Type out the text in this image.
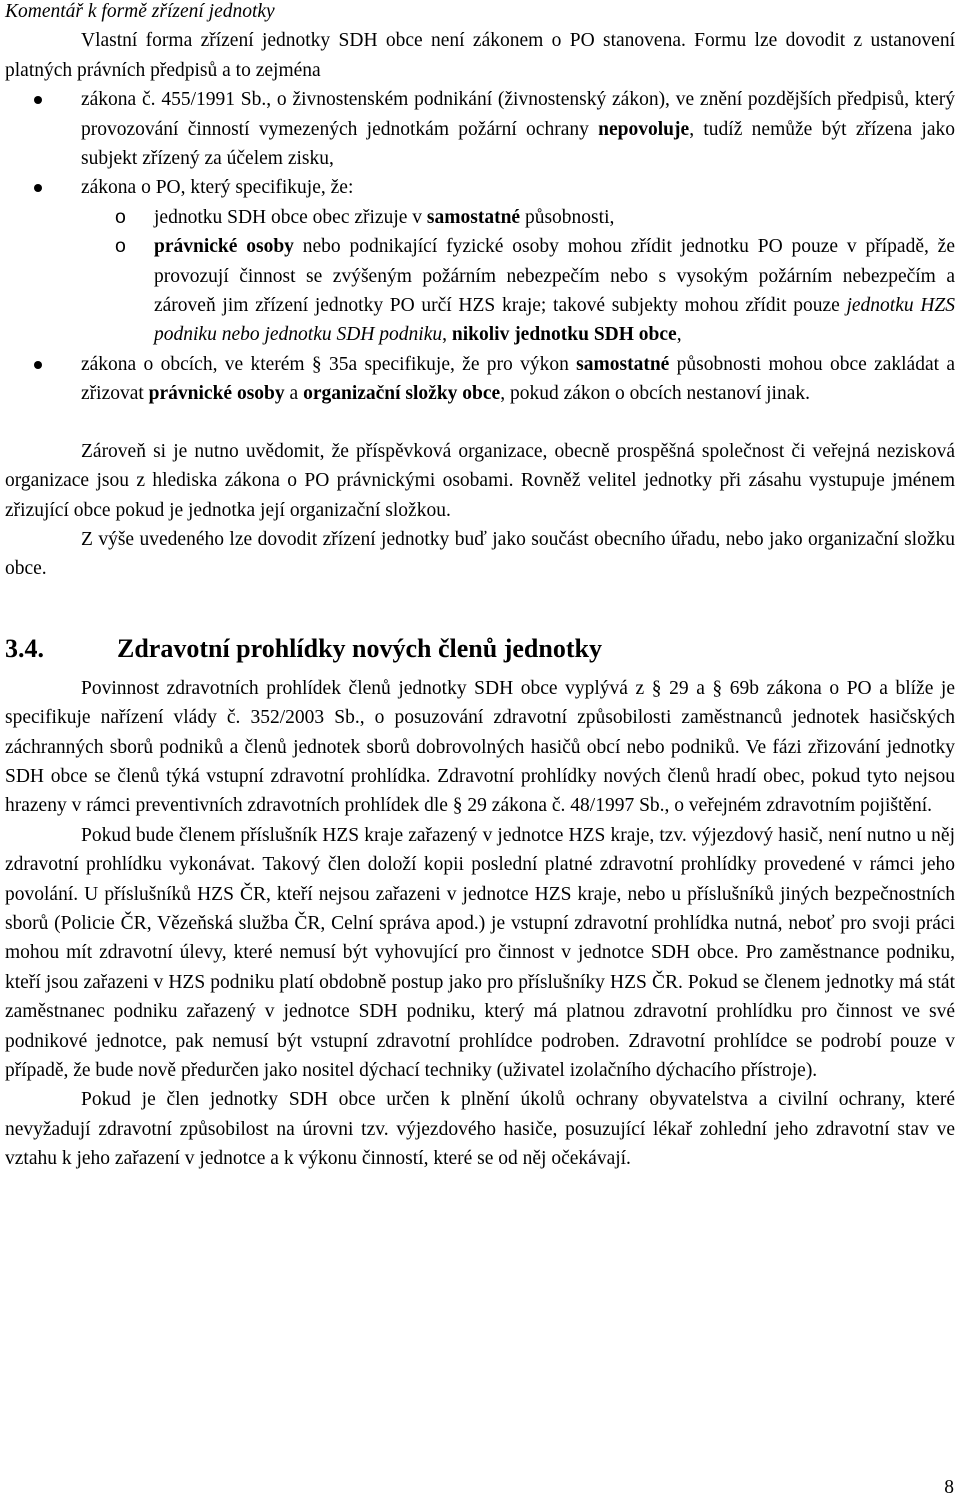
Komentář k formě zřízení jednotky

Vlastní forma zřízení jednotky SDH obce není zákonem o PO stanovena. Formu lze dovodit z ustanovení platných právních předpisů a to zejména

zákona č. 455/1991 Sb., o živnostenském podnikání (živnostenský zákon), ve znění pozdějších předpisů, který provozování činností vymezených jednotkám požární ochrany nepovoluje, tudíž nemůže být zřízena jako subjekt zřízený za účelem zisku,
zákona o PO, který specifikuje, že:
o jednotku SDH obce obec zřizuje v samostatné působnosti,
o právnické osoby nebo podnikající fyzické osoby mohou zřídit jednotku PO pouze v případě, že provozují činnost se zvýšeným požárním nebezpečím nebo s vysokým požárním nebezpečím a zároveň jim zřízení jednotky PO určí HZS kraje; takové subjekty mohou zřídit pouze jednotku HZS podniku nebo jednotku SDH podniku, nikoliv jednotku SDH obce,
zákona o obcích, ve kterém § 35a specifikuje, že pro výkon samostatné působnosti mohou obce zakládat a zřizovat právnické osoby a organizační složky obce, pokud zákon o obcích nestanoví jinak.

Zároveň si je nutno uvědomit, že příspěvková organizace, obecně prospěšná společnost či veřejná nezisková organizace jsou z hlediska zákona o PO právnickými osobami. Rovněž velitel jednotky při zásahu vystupuje jménem zřizující obce pokud je jednotka její organizační složkou.

Z výše uvedeného lze dovodit zřízení jednotky buď jako součást obecního úřadu, nebo jako organizační složku obce.

3.4.	Zdravotní prohlídky nových členů jednotky

Povinnost zdravotních prohlídek členů jednotky SDH obce vyplývá z § 29 a § 69b zákona o PO a blíže je specifikuje nařízení vlády č. 352/2003 Sb., o posuzování zdravotní způsobilosti zaměstnanců jednotek hasičských záchranných sborů podniků a členů jednotek sborů dobrovolných hasičů obcí nebo podniků. Ve fázi zřizování jednotky SDH obce se členů týká vstupní zdravotní prohlídka. Zdravotní prohlídky nových členů hradí obec, pokud tyto nejsou hrazeny v rámci preventivních zdravotních prohlídek dle § 29 zákona č. 48/1997 Sb., o veřejném zdravotním pojištění.

Pokud bude členem příslušník HZS kraje zařazený v jednotce HZS kraje, tzv. výjezdový hasič, není nutno u něj zdravotní prohlídku vykonávat. Takový člen doloží kopii poslední platné zdravotní prohlídky provedené v rámci jeho povolání. U příslušníků HZS ČR, kteří nejsou zařazeni v jednotce HZS kraje, nebo u příslušníků jiných bezpečnostních sborů (Policie ČR, Vězeňská služba ČR, Celní správa apod.) je vstupní zdravotní prohlídka nutná, neboť pro svoji práci mohou mít zdravotní úlevy, které nemusí být vyhovující pro činnost v jednotce SDH obce. Pro zaměstnance podniku, kteří jsou zařazeni v HZS podniku platí obdobně postup jako pro příslušníky HZS ČR. Pokud se členem jednotky má stát zaměstnanec podniku zařazený v jednotce SDH podniku, který má platnou zdravotní prohlídku pro činnost ve své podnikové jednotce, pak nemusí být vstupní zdravotní prohlídce podroben. Zdravotní prohlídce se podrobí pouze v případě, že bude nově předurčen jako nositel dýchací techniky (uživatel izolačního dýchacího přístroje).

Pokud je člen jednotky SDH obce určen k plnění úkolů ochrany obyvatelstva a civilní ochrany, které nevyžadují zdravotní způsobilost na úrovni tzv. výjezdového hasiče, posuzující lékař zohlední jeho zdravotní stav ve vztahu k jeho zařazení v jednotce a k výkonu činností, které se od něj očekávají.

8
